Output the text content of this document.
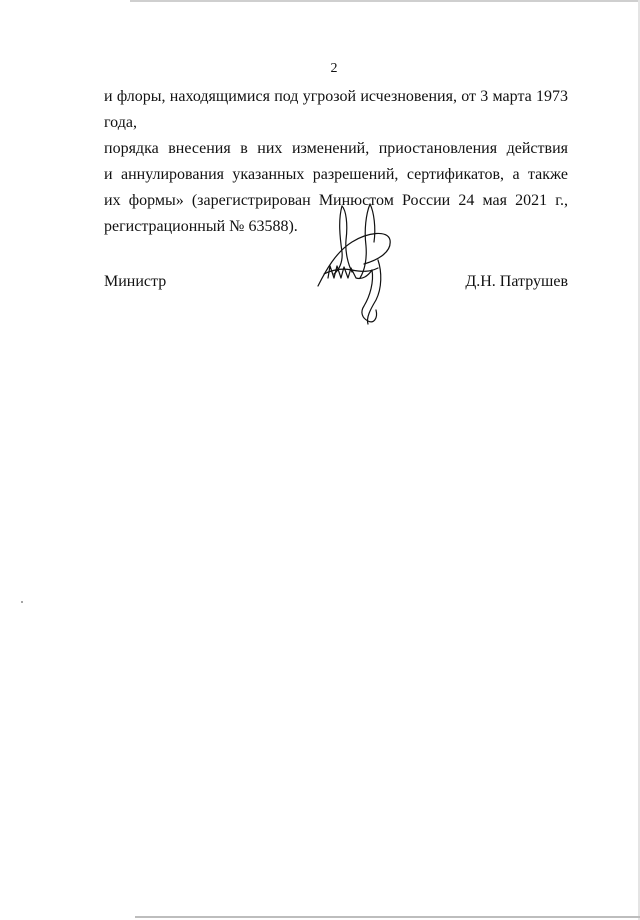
2
и флоры, находящимися под угрозой исчезновения, от 3 марта 1973 года,
порядка внесения в них изменений, приостановления действия
и аннулирования указанных разрешений, сертификатов, а также
их формы» (зарегистрирован Минюстом России 24 мая 2021 г.,
регистрационный № 63588).
Министр	Д.Н. Патрушев
